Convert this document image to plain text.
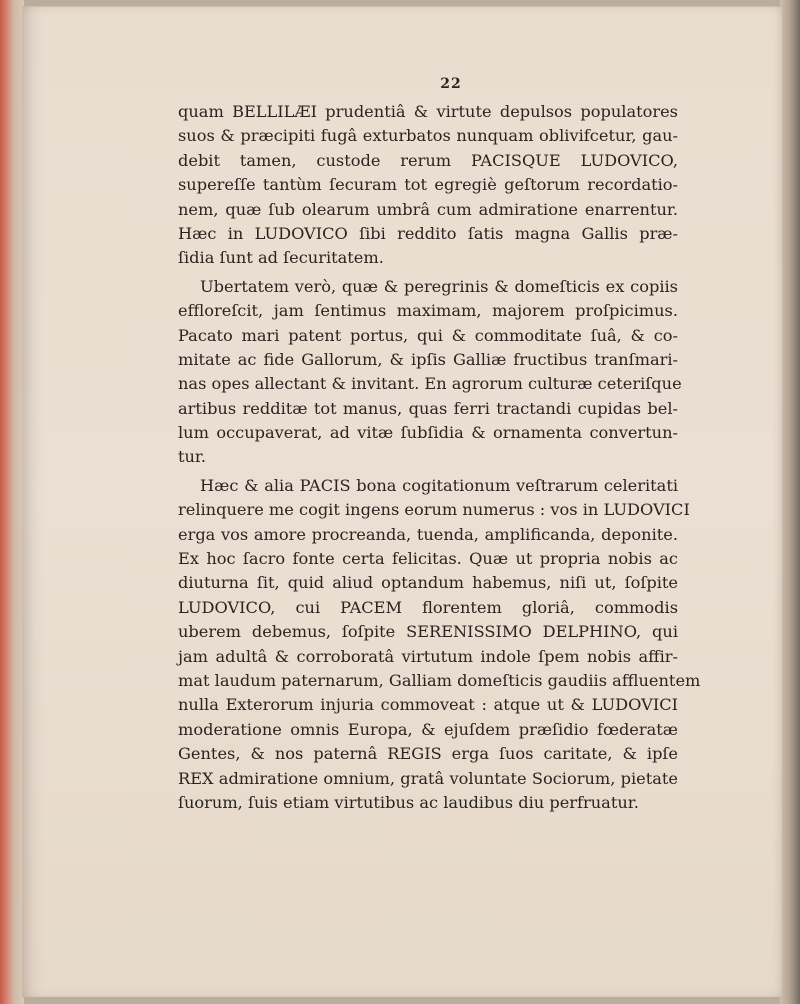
22
quam BELLILÆI prudentiâ & virtute depulsos populatores
suos & præcipiti fugâ exturbatos nunquam oblivifcetur, gau-
debit tamen, custode rerum PACISQUE LUDOVICO,
supereſſe tantùm ſecuram tot egregiè geſtorum recordatio-
nem, quæ ſub olearum umbrâ cum admiratione enarrentur.
Hæc in LUDOVICO ſibi reddito ſatis magna Gallis præ-
ſidia ſunt ad ſecuritatem.
Ubertatem verò, quæ & peregrinis & domeſticis ex copiis
effloreſcit, jam ſentimus maximam, majorem proſpicimus.
Pacato mari patent portus, qui & commoditate ſuâ, & co-
mitate ac fide Gallorum, & ipſis Galliæ fructibus tranſmari-
nas opes allectant & invitant. En agrorum culturæ ceteriſque
artibus redditæ tot manus, quas ferri tractandi cupidas bel-
lum occupaverat, ad vitæ ſubſidia & ornamenta convertun-
tur.
Hæc & alia PACIS bona cogitationum veſtrarum celeritati
relinquere me cogit ingens eorum numerus : vos in LUDOVICI
erga vos amore procreanda, tuenda, amplificanda, deponite.
Ex hoc ſacro fonte certa felicitas. Quæ ut propria nobis ac
diuturna ſit, quid aliud optandum habemus, niſi ut, ſoſpite
LUDOVICO, cui PACEM florentem gloriâ, commodis
uberem debemus, ſoſpite SERENISSIMO DELPHINO, qui
jam adultâ & corroboratâ virtutum indole ſpem nobis affir-
mat laudum paternarum, Galliam domeſticis gaudiis affluentem
nulla Exterorum injuria commoveat : atque ut & LUDOVICI
moderatione omnis Europa, & ejuſdem præſidio fœderatæ
Gentes, & nos paternâ REGIS erga ſuos caritate, & ipſe
REX admiratione omnium, gratâ voluntate Sociorum, pietate
ſuorum, ſuis etiam virtutibus ac laudibus diu perfruatur.
